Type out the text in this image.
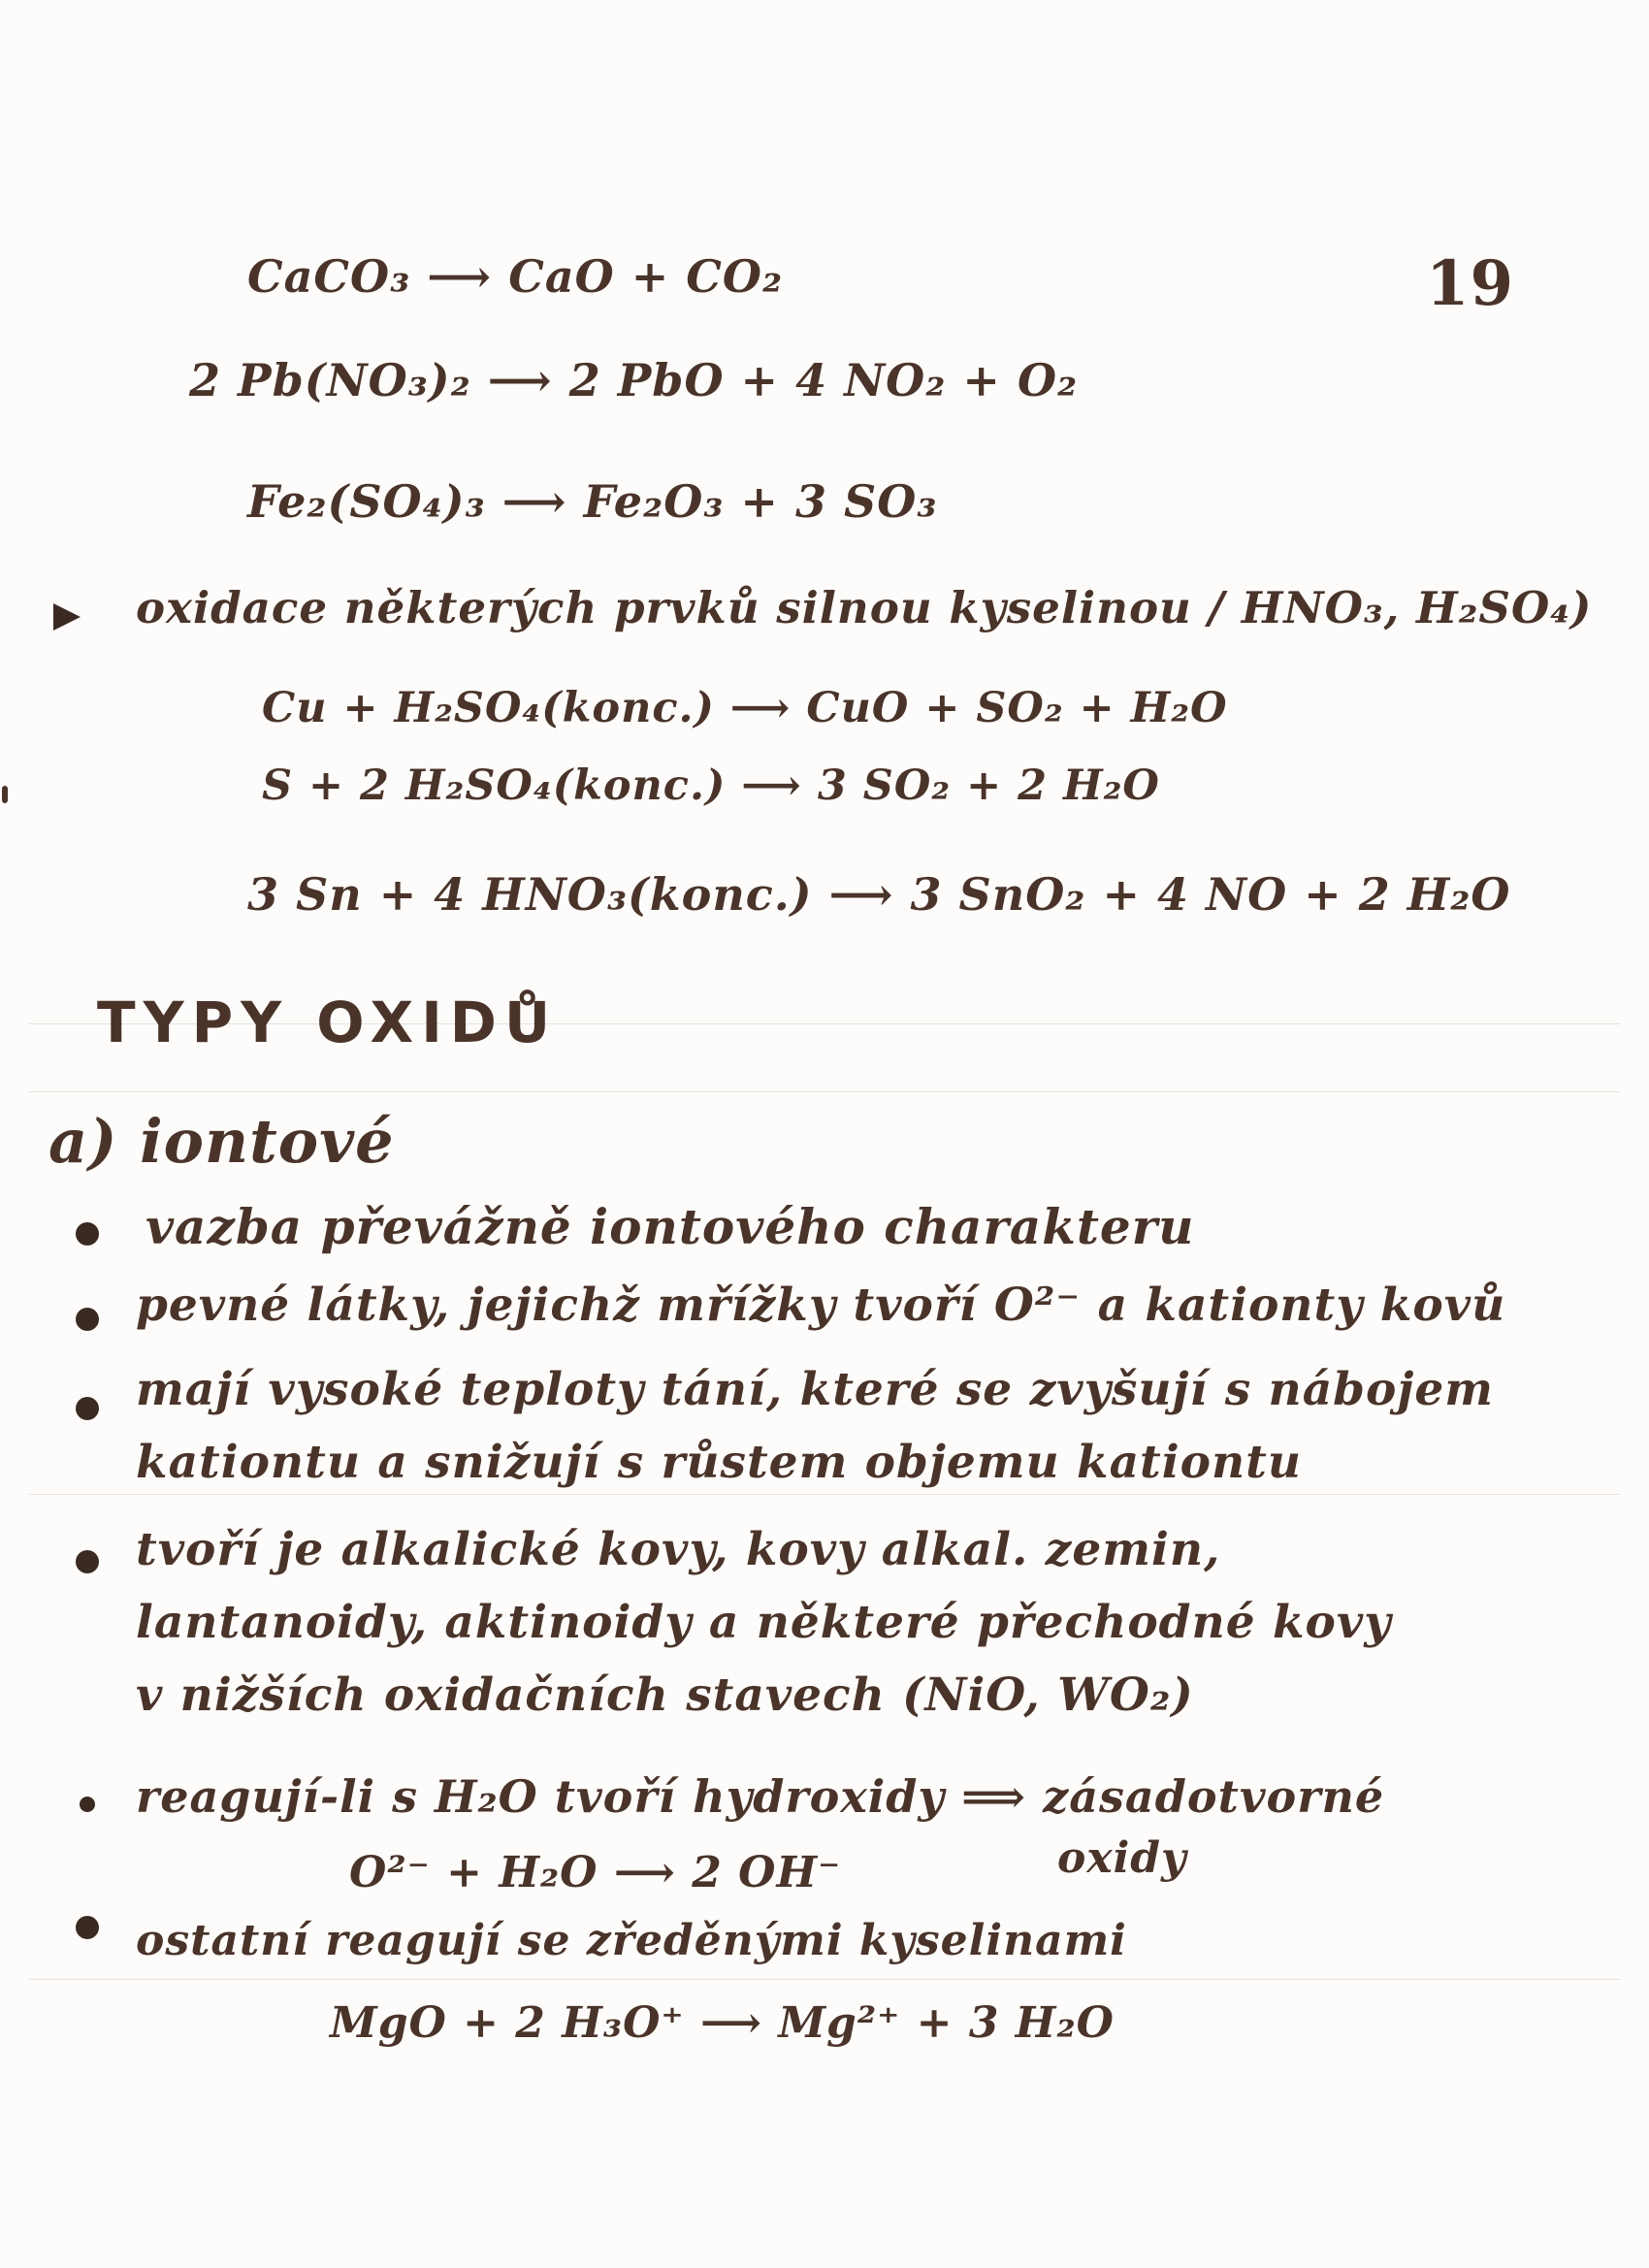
19
CaCO₃ ⟶ CaO + CO₂
2 Pb(NO₃)₂ ⟶ 2 PbO + 4 NO₂ + O₂
Fe₂(SO₄)₃ ⟶ Fe₂O₃ + 3 SO₃
oxidace některých prvků silnou kyselinou / HNO₃, H₂SO₄)
Cu + H₂SO₄(konc.) ⟶ CuO + SO₂ + H₂O
S + 2 H₂SO₄(konc.) ⟶ 3 SO₂ + 2 H₂O
3 Sn + 4 HNO₃(konc.) ⟶ 3 SnO₂ + 4 NO + 2 H₂O
TYPY OXIDŮ
a) iontové
vazba převážně iontového charakteru
pevné látky, jejichž mřížky tvoří O²⁻ a kationty kovů
mají vysoké teploty tání, které se zvyšují s nábojem
kationtu a snižují s růstem objemu kationtu
tvoří je alkalické kovy, kovy alkal. zemin,
lantanoidy, aktinoidy a některé přechodné kovy
v nižších oxidačních stavech (NiO, WO₂)
reagují-li s H₂O tvoří hydroxidy ⟹ zásadotvorné
O²⁻ + H₂O ⟶ 2 OH⁻	oxidy
ostatní reagují se zředěnými kyselinami
MgO + 2 H₃O⁺ ⟶ Mg²⁺ + 3 H₂O
